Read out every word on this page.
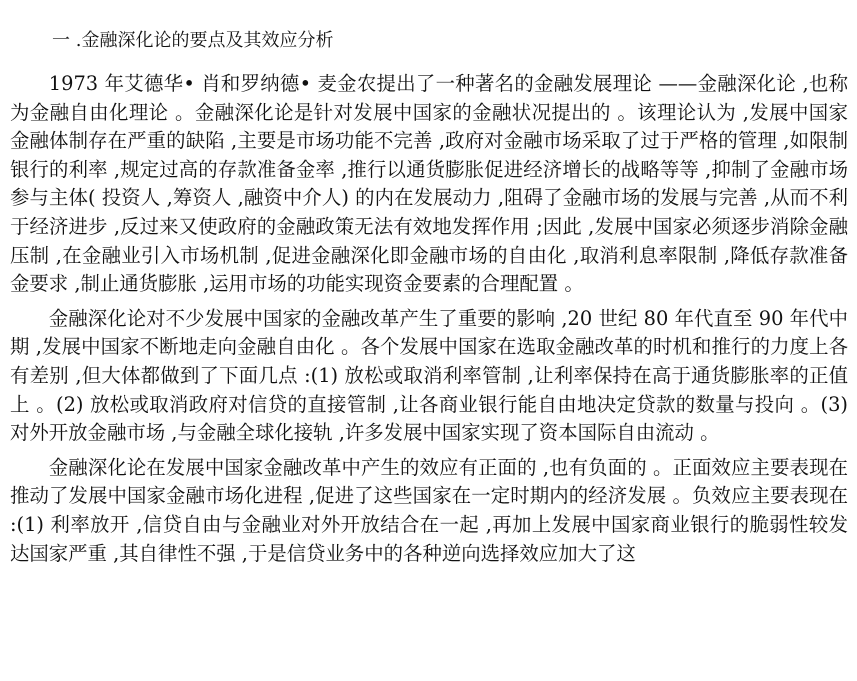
一 .金融深化论的要点及其效应分析

1973 年艾德华• 肖和罗纳德• 麦金农提出了一种著名的金融发展理论 ——金融深化论 ,也称为金融自由化理论 。金融深化论是针对发展中国家的金融状况提出的 。该理论认为 ,发展中国家金融体制存在严重的缺陷 ,主要是市场功能不完善 ,政府对金融市场采取了过于严格的管理 ,如限制银行的利率 ,规定过高的存款准备金率 ,推行以通货膨胀促进经济增长的战略等等 ,抑制了金融市场参与主体( 投资人 ,筹资人 ,融资中介人) 的内在发展动力 ,阻碍了金融市场的发展与完善 ,从而不利于经济进步 ,反过来又使政府的金融政策无法有效地发挥作用 ;因此 ,发展中国家必须逐步消除金融压制 ,在金融业引入市场机制 ,促进金融深化即金融市场的自由化 ,取消利息率限制 ,降低存款准备金要求 ,制止通货膨胀 ,运用市场的功能实现资金要素的合理配置 。

金融深化论对不少发展中国家的金融改革产生了重要的影响 ,20 世纪 80 年代直至 90 年代中期 ,发展中国家不断地走向金融自由化 。各个发展中国家在选取金融改革的时机和推行的力度上各有差别 ,但大体都做到了下面几点 :(1) 放松或取消利率管制 ,让利率保持在高于通货膨胀率的正值上 。(2) 放松或取消政府对信贷的直接管制 ,让各商业银行能自由地决定贷款的数量与投向 。(3) 对外开放金融市场 ,与金融全球化接轨 ,许多发展中国家实现了资本国际自由流动 。

金融深化论在发展中国家金融改革中产生的效应有正面的 ,也有负面的 。正面效应主要表现在推动了发展中国家金融市场化进程 ,促进了这些国家在一定时期内的经济发展 。负效应主要表现在 :(1) 利率放开 ,信贷自由与金融业对外开放结合在一起 ,再加上发展中国家商业银行的脆弱性较发达国家严重 ,其自律性不强 ,于是信贷业务中的各种逆向选择效应加大了这
